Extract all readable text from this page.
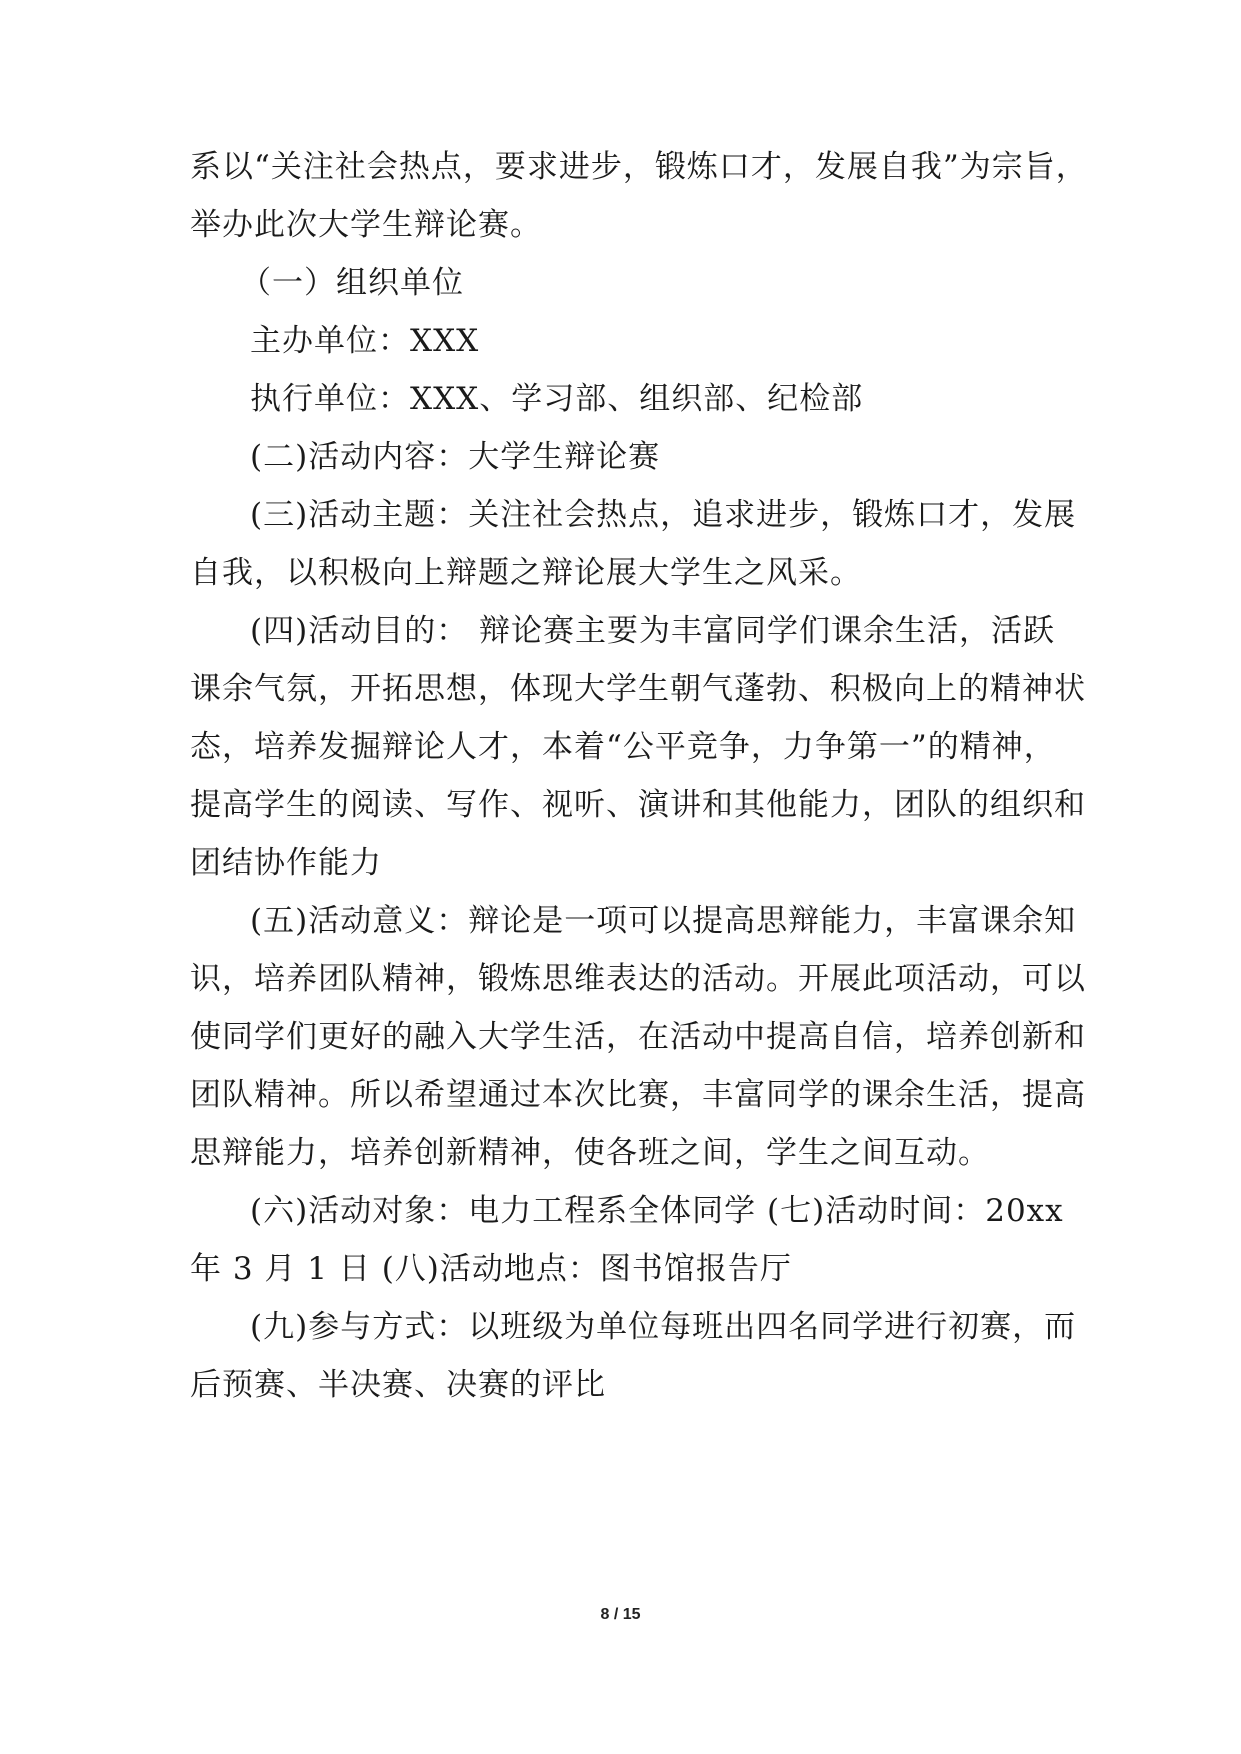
系以“关注社会热点，要求进步，锻炼口才，发展自我”为宗旨，
举办此次大学生辩论赛。
（一）组织单位
主办单位：XXX
执行单位：XXX、学习部、组织部、纪检部
(二)活动内容：大学生辩论赛
(三)活动主题：关注社会热点，追求进步，锻炼口才，发展
自我，以积极向上辩题之辩论展大学生之风采。
(四)活动目的： 辩论赛主要为丰富同学们课余生活，活跃
课余气氛，开拓思想，体现大学生朝气蓬勃、积极向上的精神状
态，培养发掘辩论人才，本着“公平竞争，力争第一”的精神，
提高学生的阅读、写作、视听、演讲和其他能力，团队的组织和
团结协作能力
(五)活动意义：辩论是一项可以提高思辩能力，丰富课余知
识，培养团队精神，锻炼思维表达的活动。开展此项活动，可以
使同学们更好的融入大学生活，在活动中提高自信，培养创新和
团队精神。所以希望通过本次比赛，丰富同学的课余生活，提高
思辩能力，培养创新精神，使各班之间，学生之间互动。
(六)活动对象：电力工程系全体同学 (七)活动时间：20xx
年 3 月 1 日 (八)活动地点：图书馆报告厅
(九)参与方式：以班级为单位每班出四名同学进行初赛，而
后预赛、半决赛、决赛的评比
8 / 15
